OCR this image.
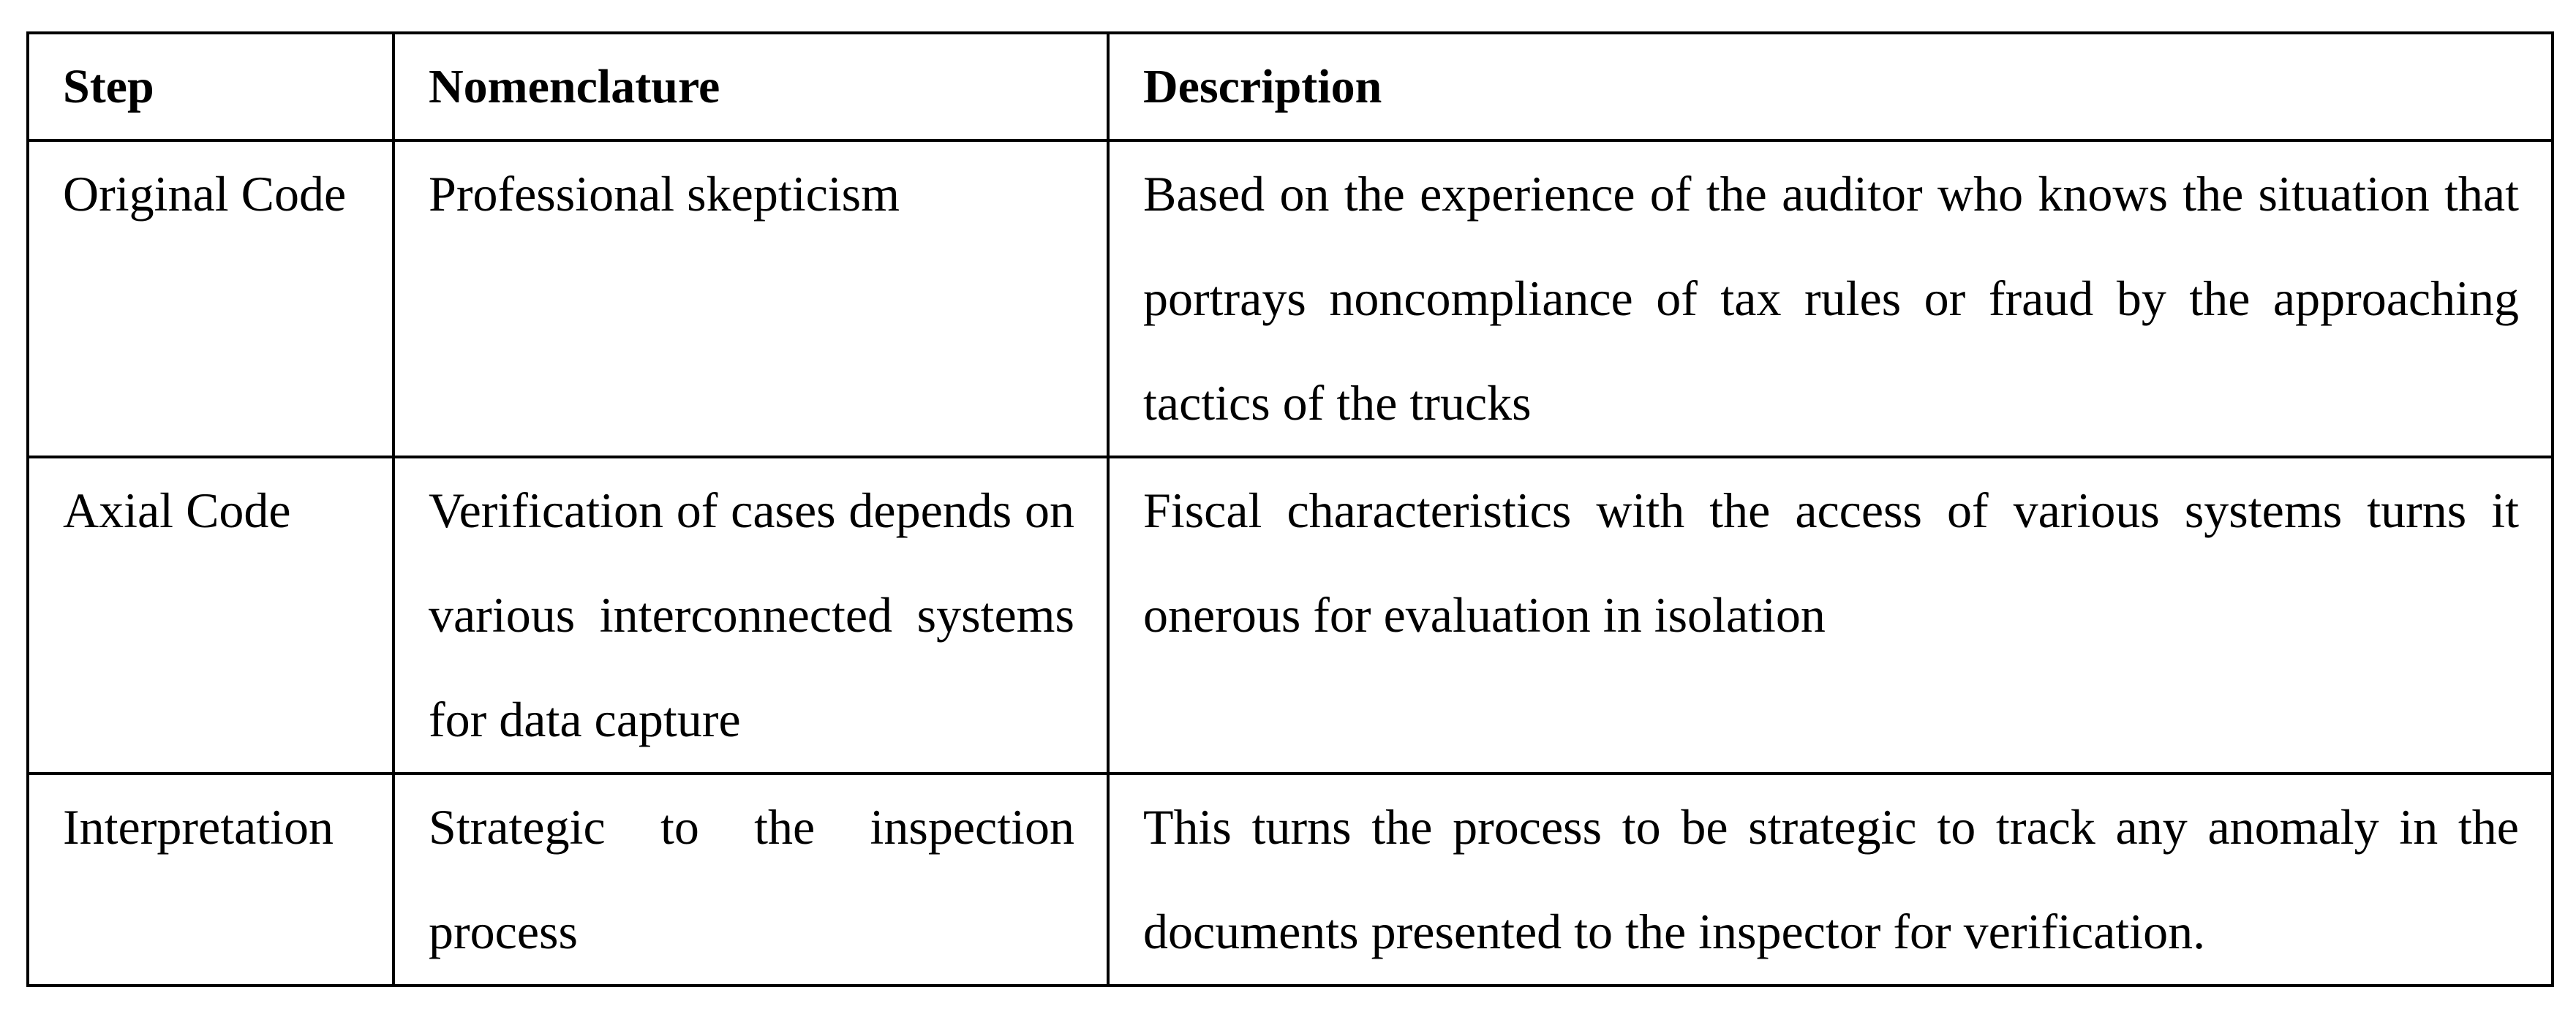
Step	Nomenclature	Description
Original Code	Professional skepticism	Based on the experience of the auditor who knows the situation that portrays noncompliance of tax rules or fraud by the approaching tactics of the trucks
Axial Code	Verification of cases depends on various interconnected systems for data capture	Fiscal characteristics with the access of various systems turns it onerous for evaluation in isolation
Interpretation	Strategic to the inspection process	This turns the process to be strategic to track any anomaly in the documents presented to the inspector for verification.
